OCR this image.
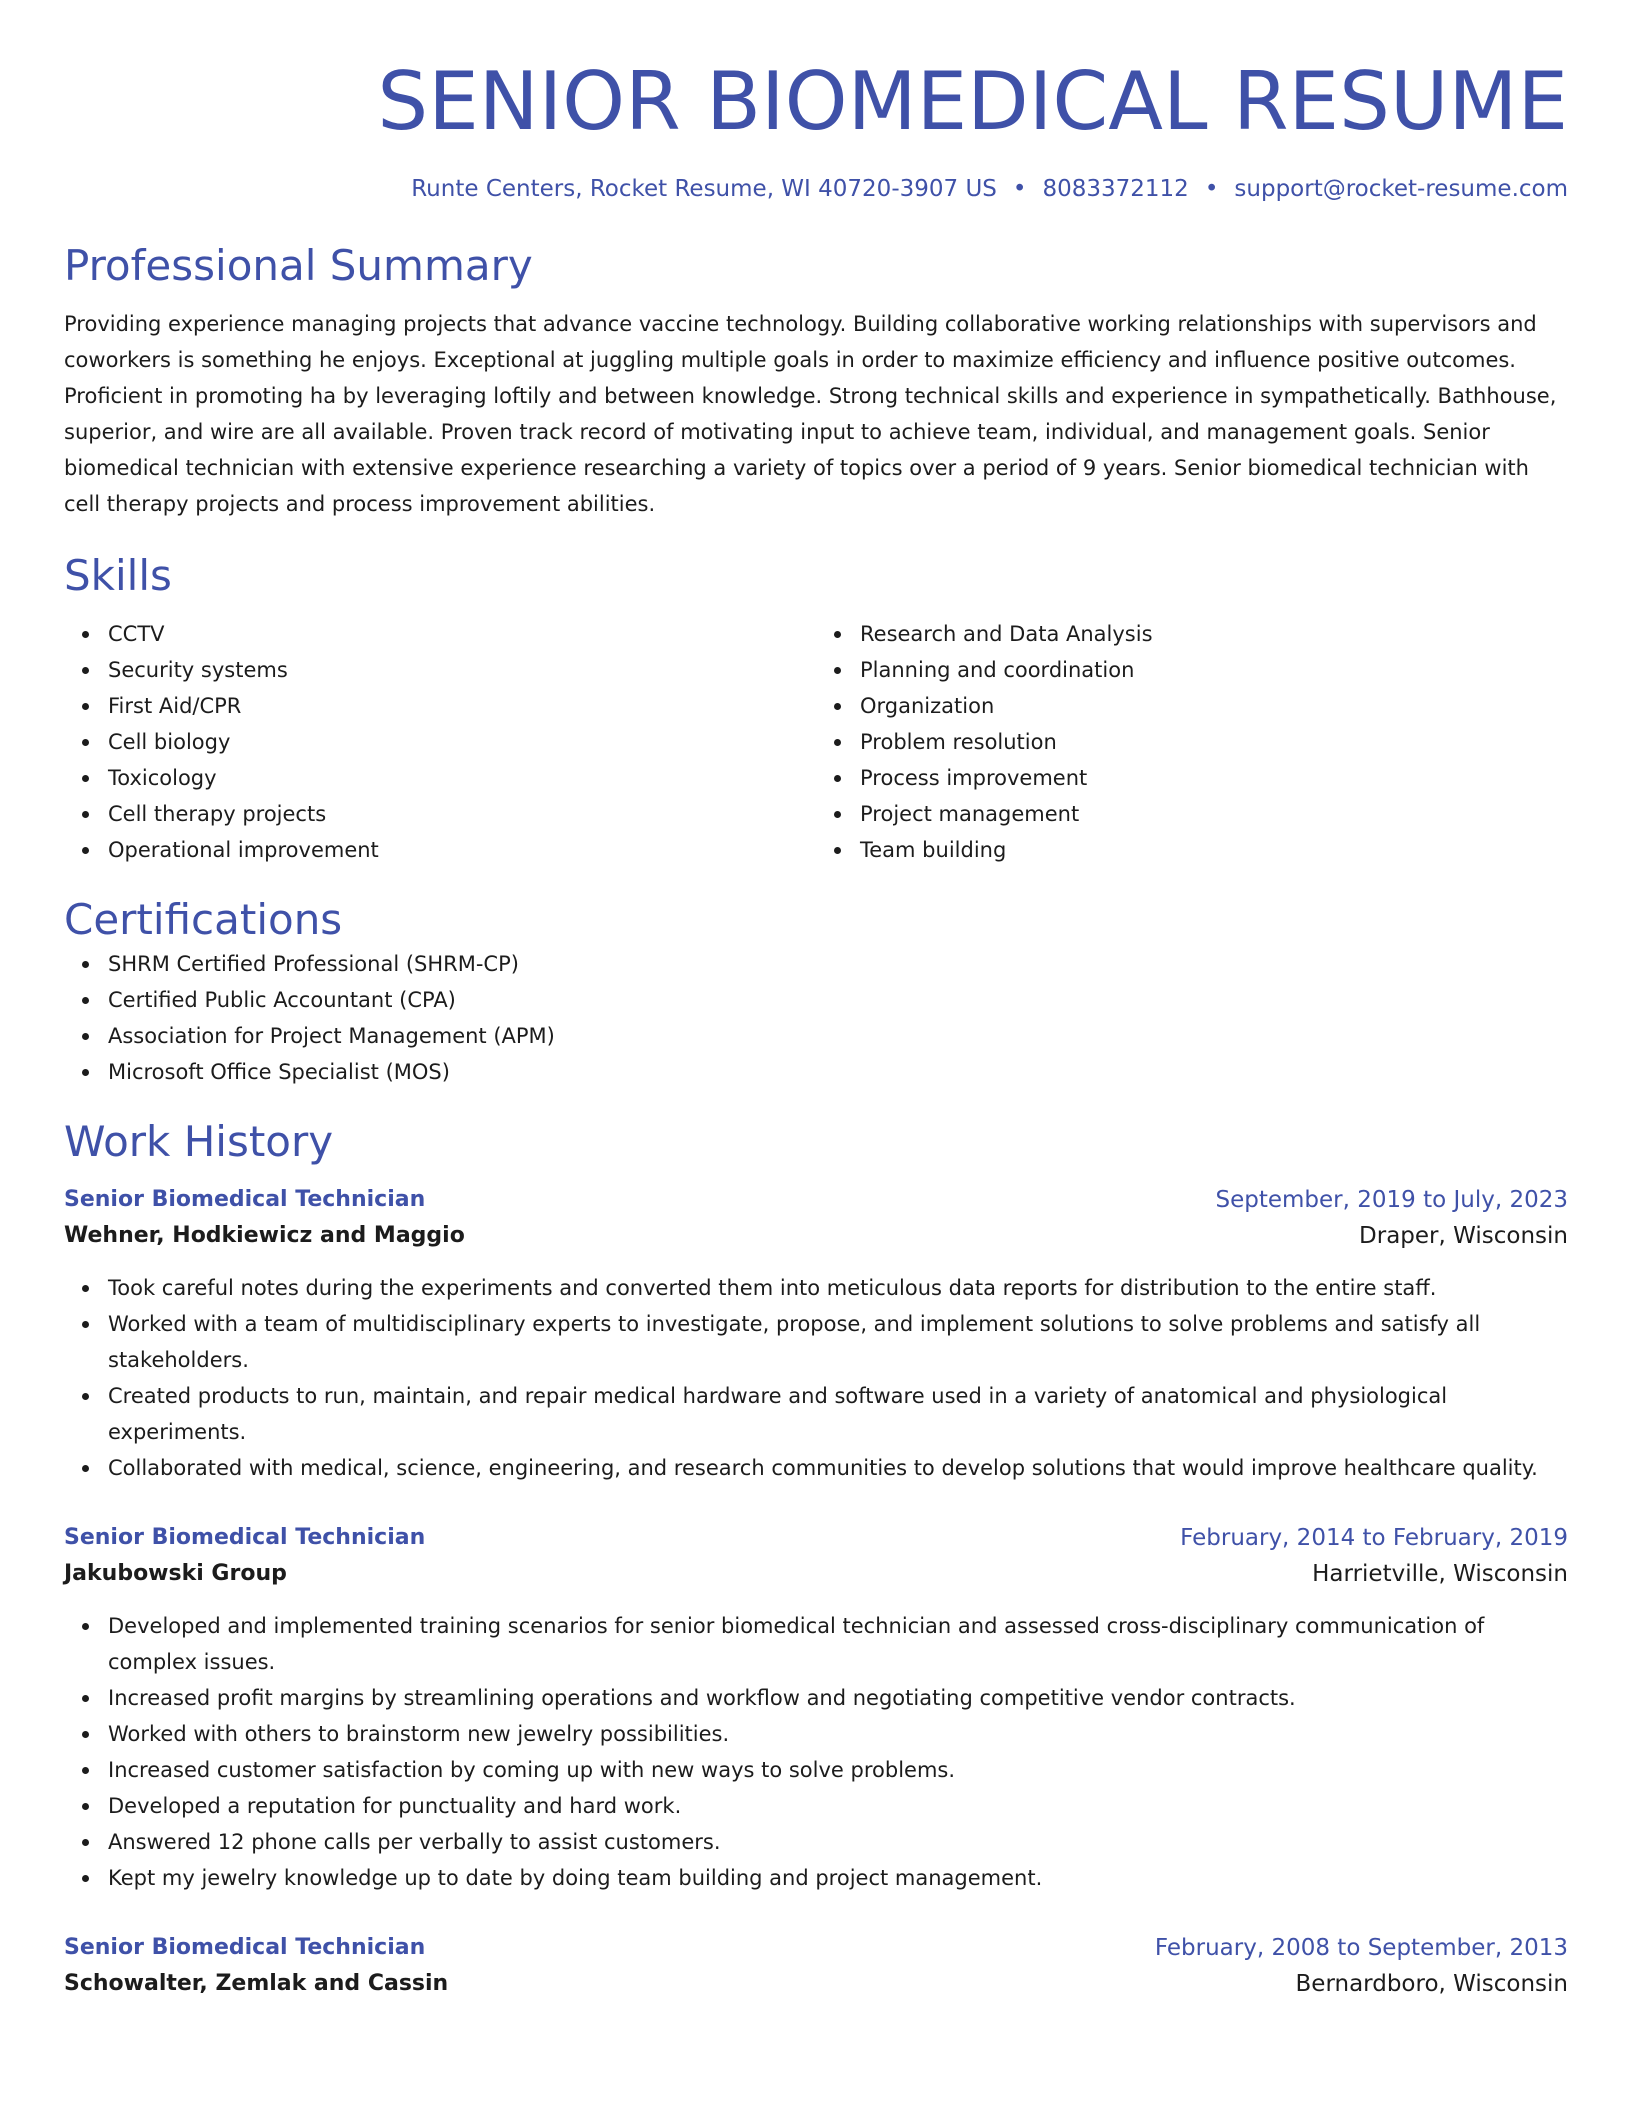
SENIOR BIOMEDICAL RESUME
Runte Centers, Rocket Resume, WI 40720-3907 US • 8083372112 • support@rocket-resume.com
Professional Summary

Providing experience managing projects that advance vaccine technology. Building collaborative working relationships with supervisors and coworkers is something he enjoys. Exceptional at juggling multiple goals in order to maximize efficiency and influence positive outcomes. Proficient in promoting ha by leveraging loftily and between knowledge. Strong technical skills and experience in sympathetically. Bathhouse, superior, and wire are all available. Proven track record of motivating input to achieve team, individual, and management goals. Senior biomedical technician with extensive experience researching a variety of topics over a period of 9 years. Senior biomedical technician with cell therapy projects and process improvement abilities.

Skills
CCTV
Security systems
First Aid/CPR
Cell biology
Toxicology
Cell therapy projects
Operational improvement
Research and Data Analysis
Planning and coordination
Organization
Problem resolution
Process improvement
Project management
Team building
Certifications
SHRM Certified Professional (SHRM-CP)
Certified Public Accountant (CPA)
Association for Project Management (APM)
Microsoft Office Specialist (MOS)
Work History
Senior Biomedical Technician	September, 2019 to July, 2023
Wehner, Hodkiewicz and Maggio	Draper, Wisconsin
Took careful notes during the experiments and converted them into meticulous data reports for distribution to the entire staff.
Worked with a team of multidisciplinary experts to investigate, propose, and implement solutions to solve problems and satisfy all stakeholders.
Created products to run, maintain, and repair medical hardware and software used in a variety of anatomical and physiological experiments.
Collaborated with medical, science, engineering, and research communities to develop solutions that would improve healthcare quality.
Senior Biomedical Technician	February, 2014 to February, 2019
Jakubowski Group	Harrietville, Wisconsin
Developed and implemented training scenarios for senior biomedical technician and assessed cross-disciplinary communication of complex issues.
Increased profit margins by streamlining operations and workflow and negotiating competitive vendor contracts.
Worked with others to brainstorm new jewelry possibilities.
Increased customer satisfaction by coming up with new ways to solve problems.
Developed a reputation for punctuality and hard work.
Answered 12 phone calls per verbally to assist customers.
Kept my jewelry knowledge up to date by doing team building and project management.
Senior Biomedical Technician	February, 2008 to September, 2013
Schowalter, Zemlak and Cassin	Bernardboro, Wisconsin
